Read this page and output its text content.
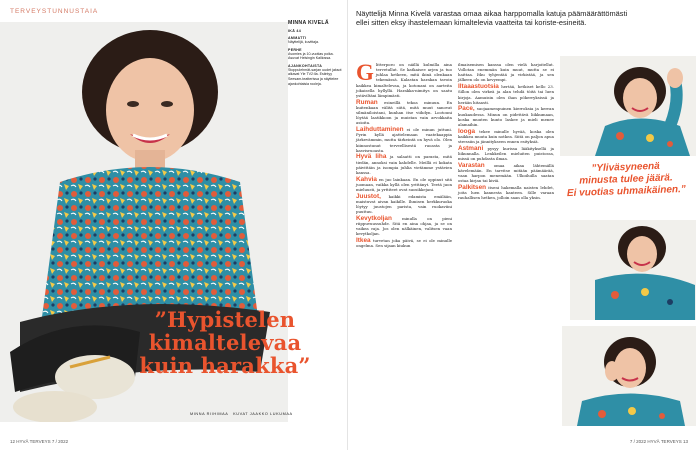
TERVEYSTUNNUSTAIA
MINNA KIVELÄ
IKÄ 44
AMMATTI
Näyttelijä, kuvittaja.
PERHE
Avomies ja 10-vuotias poika. Asuvat Helsingin Kalliossa.
AJANKOHTAISTA
Stoppulehmät-sarjan uudet jaksot alkavat Yle TV2:lla. Esiintyy Seesam-teatterissa ja näyttelee ajankohtaisia rooleja.
”Hypistelen
kimaltelevaa
kuin harakka”
MINNA RIIHIMAA KUVAT JAAKKO LUKUMAA
12 HYVÄ TERVEYS 7 / 2022
Näyttelijä Minna Kivelä varastaa omaa aikaa harppomalla katuja päämäärättömästi ellei sitten eksy ihastelemaan kimaltelevia vaatteita tai koriste-esineitä.

Glitterporo on näillä kulmilla aina tervetullut. Se katkaisee arjen ja tuo juhlaa hetkeen, mitä ikinä olenkaan tekemässä. Kalastan harakan tavoin kaikkea kimaltelevaa, ja kotonani on aarteita jokaisella hyllyllä. Harakka-nimitys on saatu ystäviltäni lämpimästi.

Ruman esineillä tekoa minuun. En kuitenkaan välitä siitä, mitä muut sanovat silmäniloistani, kunhan itse viihdyn. Lootouni löytää laatikkoon ja muistan vain arvokkaita asioita.

Laihduttaminen ei ole minun juttuni. Pyrin kyllä ajattelemaan vaatekaappia järkevämmin, mutta tärkeintä on hyvä olo. Olen kiinnostunut terveellisestä ruoasta ja kasvisruoasta.

Hyvä liha ja salaatti on parasta, mitä tiedän, annoksi vain kahdelle. Meillä ei kokata päivittäin ja isompia juhlia vietämme ystävien kanssa.

Kahvia en juo lainkaan. En ole oppinut sitä juomaan, vaikka kyllä olen yrittänyt. Teetä juon mieluusti, ja yrttiteet ovat suosikkejani.

Juustot, kaikki edamista emälään, maistuvat aivan kaikille. Ihmisen herkkuruoka löytyy juustojen parista, vain ruokaviini puuttuu.

Kevytkoljan	minulla on pieni riippuvuussuhde. Sitä en aina ohjaa, ja se on vaikea raja. Jos olen nälkäinen, valitsen vaan kevytkoljan.

Itkea turvetan joka päivä, se ei ole minulle ongelma. Sen sijaan kiukun

ilmaisemisen kanssa olen vielä harjoitellut. Vollotan enemmän kuin muut, mutta se ei haittaa. Itku tyhjentää ja virkistää, ja sen jälkeen olo on kevyempi.

Iltaaastuotsia hertää, hetkiset kello 23. Sillon olen virkeä ja alan tehdä töitä tai luen kirjoja. Aamuisin olen ihan pökerryksissä ja herään hitaasti.

Pace, suojaamenpuinen kierroksia ja kerran kuukaudessa. Minun on pidettävä liikkumaan, koska muuten kunto laskee ja mieli menee alamaihin.

Iooga tekee minulle hyvää, koska olen kaikkea muuta kuin notkea. Siitä on paljon apua stressiin ja jännitykseen ennen esityksiä.

Astmani pysyy kurissa lääkityksellä ja liikunnalla. Lenkkeilen mieluiten puistossa, missä on puhdasta ilmaa.

Varastan omaa aikaa lähtemällä kävelemään. En tarvitse mitään päämäärää, vaan harpon menemään. Ulkoiluilla saatan ostaa kirjan tai kiviä.

Palkitsen itseni hakemalla naisten lehdet, joita luen kannesta kanteen. Sille varaan rauhallisen hetken, jolloin saan olla yksin.

”Yliväsyneenä
minusta tulee jäärä.
Ei vuotias uhmaikäinen.”
7 / 2022 HYVÄ TERVEYS 13
